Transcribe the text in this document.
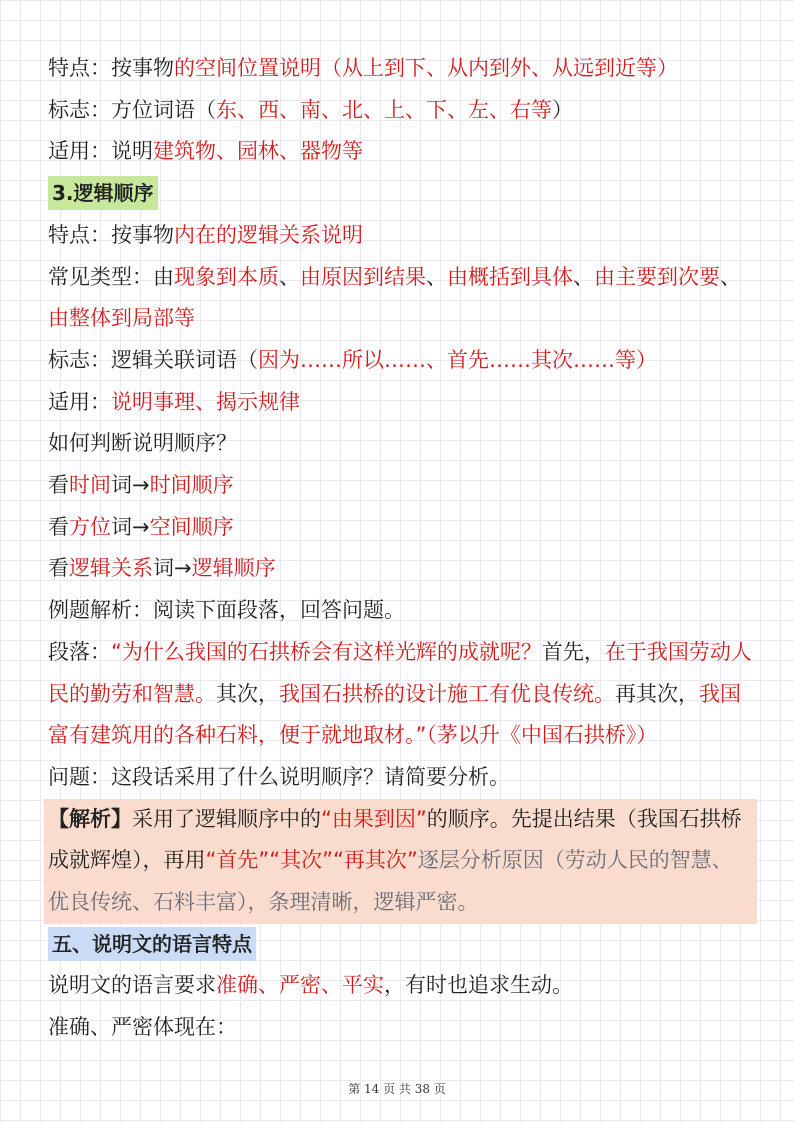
特点：按事物的空间位置说明（从上到下、从内到外、从远到近等）

标志：方位词语（东、西、南、北、上、下、左、右等）

适用：说明建筑物、园林、器物等

3.逻辑顺序

特点：按事物内在的逻辑关系说明

常见类型：由现象到本质、由原因到结果、由概括到具体、由主要到次要、
由整体到局部等

标志：逻辑关联词语（因为……所以……、首先……其次……等）

适用：说明事理、揭示规律

如何判断说明顺序？

看时间词→时间顺序

看方位词→空间顺序

看逻辑关系词→逻辑顺序

例题解析：阅读下面段落，回答问题。

段落：“为什么我国的石拱桥会有这样光辉的成就呢？首先，在于我国劳动人民的勤劳和智慧。其次，我国石拱桥的设计施工有优良传统。再其次，我国富有建筑用的各种石料，便于就地取材。”（茅以升《中国石拱桥》）

问题：这段话采用了什么说明顺序？请简要分析。

【解析】采用了逻辑顺序中的“由果到因”的顺序。先提出结果（我国石拱桥成就辉煌），再用“首先”“其次”“再其次”逐层分析原因（劳动人民的智慧、优良传统、石料丰富），条理清晰，逻辑严密。

五、说明文的语言特点

说明文的语言要求准确、严密、平实，有时也追求生动。

准确、严密体现在：

第 14 页 共 38 页
